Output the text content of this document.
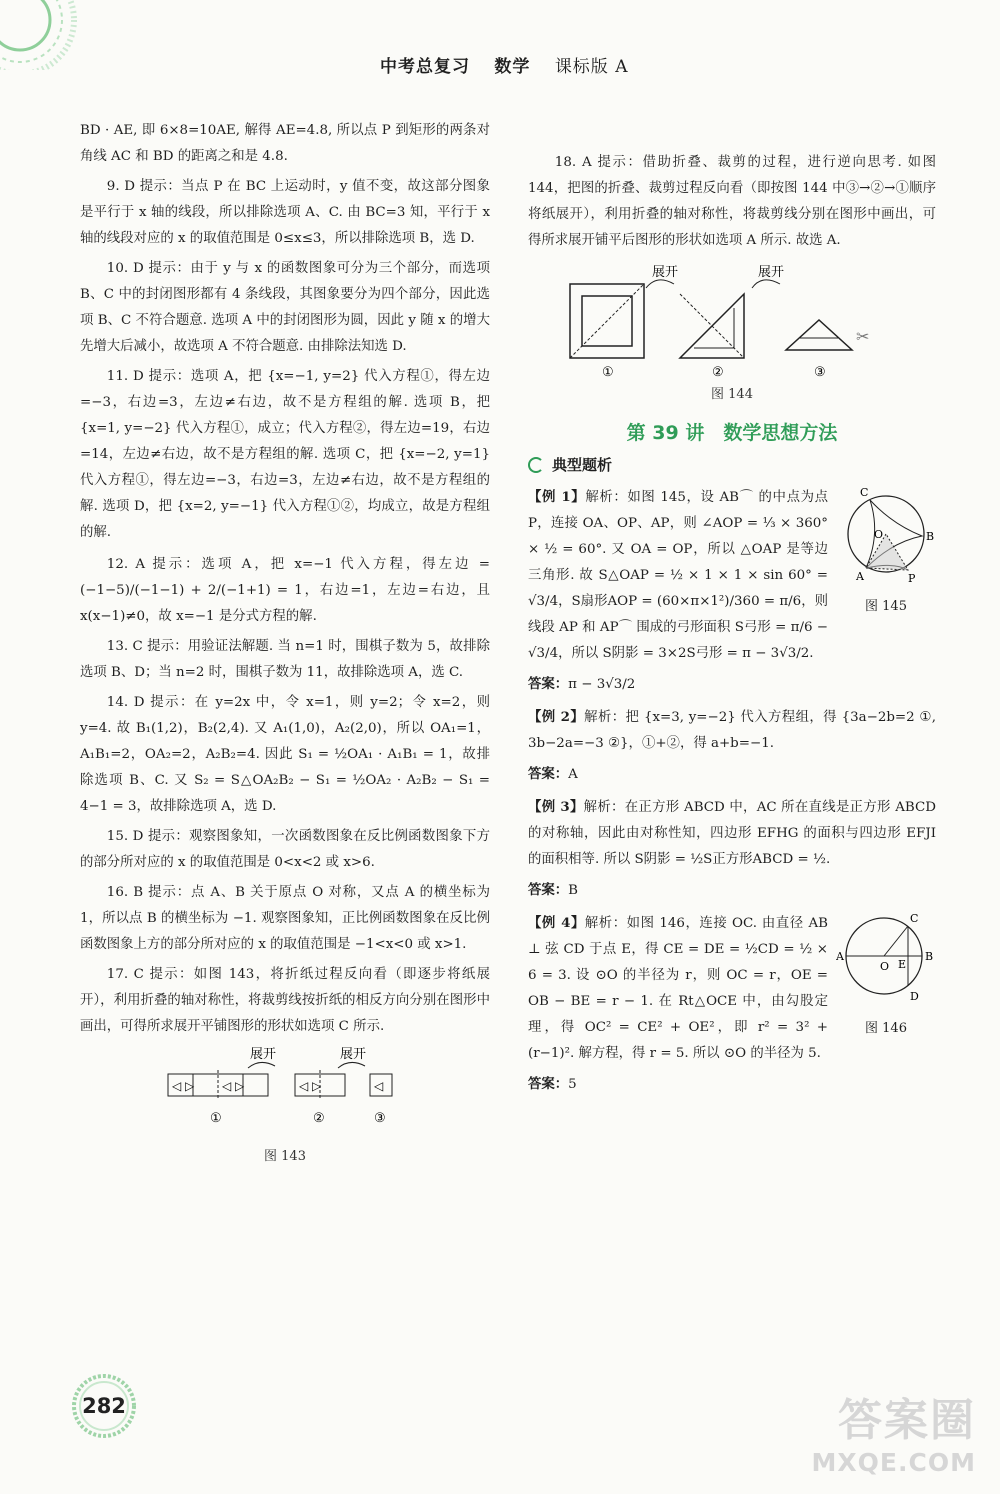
中考总复习 数学 课标版 A

BD · AE, 即 6×8=10AE, 解得 AE=4.8, 所以点 P 到矩形的两条对角线 AC 和 BD 的距离之和是 4.8.

9. D 提示：当点 P 在 BC 上运动时，y 值不变，故这部分图象是平行于 x 轴的线段，所以排除选项 A、C. 由 BC=3 知，平行于 x 轴的线段对应的 x 的取值范围是 0≤x≤3，所以排除选项 B，选 D.

10. D 提示：由于 y 与 x 的函数图象可分为三个部分，而选项 B、C 中的封闭图形都有 4 条线段，其图象要分为四个部分，因此选项 B、C 不符合题意. 选项 A 中的封闭图形为圆，因此 y 随 x 的增大先增大后减小，故选项 A 不符合题意. 由排除法知选 D.

11. D 提示：选项 A，把 {x=−1, y=2} 代入方程①，得左边=−3，右边=3，左边≠右边，故不是方程组的解. 选项 B，把 {x=1, y=−2} 代入方程①，成立；代入方程②，得左边=19，右边=14，左边≠右边，故不是方程组的解. 选项 C，把 {x=−2, y=1} 代入方程①，得左边=−3，右边=3，左边≠右边，故不是方程组的解. 选项 D，把 {x=2, y=−1} 代入方程①②，均成立，故是方程组的解.

12. A 提示：选项 A，把 x=−1 代入方程，得左边 = (−1−5)/(−1−1) + 2/(−1+1) = 1，右边=1，左边=右边，且 x(x−1)≠0，故 x=−1 是分式方程的解.

13. C 提示：用验证法解题. 当 n=1 时，围棋子数为 5，故排除选项 B、D；当 n=2 时，围棋子数为 11，故排除选项 A，选 C.

14. D 提示：在 y=2x 中，令 x=1，则 y=2；令 x=2，则 y=4. 故 B₁(1,2)，B₂(2,4). 又 A₁(1,0)，A₂(2,0)，所以 OA₁=1，A₁B₁=2，OA₂=2，A₂B₂=4. 因此 S₁ = ½OA₁ · A₁B₁ = 1，故排除选项 B、C. 又 S₂ = S△OA₂B₂ − S₁ = ½OA₂ · A₂B₂ − S₁ = 4−1 = 3，故排除选项 A，选 D.

15. D 提示：观察图象知，一次函数图象在反比例函数图象下方的部分所对应的 x 的取值范围是 0<x<2 或 x>6.

16. B 提示：点 A、B 关于原点 O 对称，又点 A 的横坐标为 1，所以点 B 的横坐标为 −1. 观察图象知，正比例函数图象在反比例函数图象上方的部分所对应的 x 的取值范围是 −1<x<0 或 x>1.

17. C 提示：如图 143，将折纸过程反向看（即逐步将纸展开），利用折叠的轴对称性，将裁剪线按折纸的相反方向分别在图形中画出，可得所求展开平铺图形的形状如选项 C 所示.

展开	展开
◁ ▷ ◁ ▷	◁ ▷	◁
①	②	③
图 143

18. A 提示：借助折叠、裁剪的过程，进行逆向思考. 如图 144，把图的折叠、裁剪过程反向看（即按图 144 中③→②→①顺序将纸展开），利用折叠的轴对称性，将裁剪线分别在图形中画出，可得所求展开铺平后图形的形状如选项 A 所示. 故选 A.

展开	展开
✂
①	②	③
图 144
第 39 讲　数学思想方法
典型题析
C
O	B
A	P
图 145

【例 1】解析：如图 145，设 AB⌒ 的中点为点 P，连接 OA、OP、AP，则 ∠AOP = ⅓ × 360° × ½ = 60°. 又 OA = OP，所以 △OAP 是等边三角形. 故 S△OAP = ½ × 1 × 1 × sin 60° = √3/4，S扇形AOP = (60×π×1²)/360 = π/6，则线段 AP 和 AP⌒ 围成的弓形面积 S弓形 = π/6 − √3/4，所以 S阴影 = 3×2S弓形 = π − 3√3/2.

答案：π − 3√3/2

【例 2】解析：把 {x=3, y=−2} 代入方程组，得 {3a−2b=2 ①, 3b−2a=−3 ②}，①+②，得 a+b=−1.

答案：A

【例 3】解析：在正方形 ABCD 中，AC 所在直线是正方形 ABCD 的对称轴，因此由对称性知，四边形 EFHG 的面积与四边形 EFJI 的面积相等. 所以 S阴影 = ½S正方形ABCD = ½.

答案：B

A
O E
B
C
D
图 146

【例 4】解析：如图 146，连接 OC. 由直径 AB ⊥ 弦 CD 于点 E，得 CE = DE = ½CD = ½ × 6 = 3. 设 ⊙O 的半径为 r，则 OC = r，OE = OB − BE = r − 1. 在 Rt△OCE 中，由勾股定理，得 OC² = CE² + OE²，即 r² = 3² + (r−1)². 解方程，得 r = 5. 所以 ⊙O 的半径为 5.

答案：5

282	答案圈
MXQE.COM
